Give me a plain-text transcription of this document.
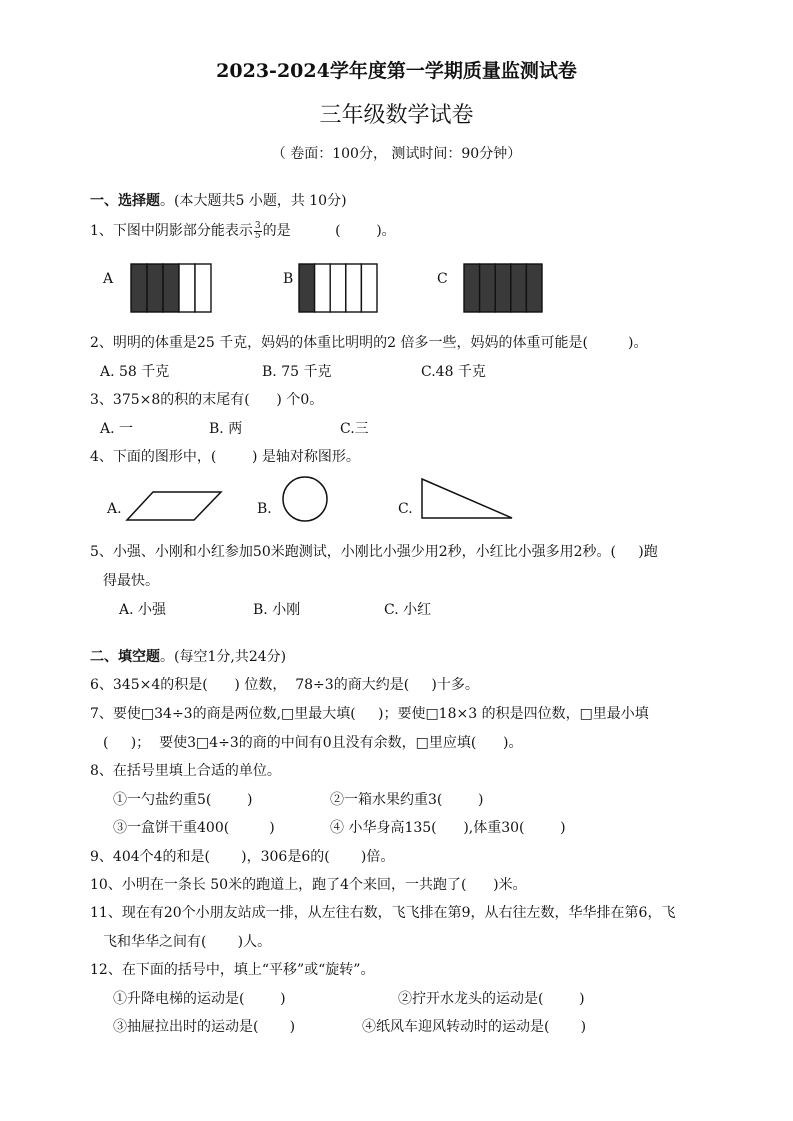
2023-2024学年度第一学期质量监测试卷
三年级数学试卷
（ 卷面：100分， 测试时间：90分钟）
一、选择题。(本大题共5 小题，共 10分)
1、下图中阴影部分能表示 $\frac{3}{5}$ 的是          (        )。
A	B	C
2、明明的体重是25 千克，妈妈的体重比明明的2 倍多一些，妈妈的体重可能是(         )。
A. 58 千克	B. 75 千克	C.48 千克
3、375×8的积的末尾有(      ) 个0。
A. 一	B. 两	C.三
4、下面的图形中，(        ) 是轴对称图形。
A.	B.	C.
5、小强、小刚和小红参加50米跑测试，小刚比小强少用2秒，小红比小强多用2秒。(     )跑
得最快。
A. 小强	B. 小刚	C. 小红
二、填空题。(每空1分,共24分)
6、345×4的积是(      ) 位数，  78÷3的商大约是(     )十多。
7、要使□34÷3的商是两位数,□里最大填(     )；要使□18×3 的积是四位数，□里最小填
(     )；  要使3□4÷3的商的中间有0且没有余数，□里应填(      )。
8、在括号里填上合适的单位。
①一勺盐约重5(        )	②一箱水果约重3(        )
③一盒饼干重400(         )	④ 小华身高135(      ),体重30(        )
9、404个4的和是(       )，306是6的(       )倍。
10、小明在一条长 50米的跑道上，跑了4个来回，一共跑了(      )米。
11、现在有20个小朋友站成一排，从左往右数，飞飞排在第9，从右往左数，华华排在第6，飞
飞和华华之间有(       )人。
12、在下面的括号中，填上“平移”或“旋转”。
①升降电梯的运动是(        )	②拧开水龙头的运动是(        )
③抽屉拉出时的运动是(       )	④纸风车迎风转动时的运动是(       )
